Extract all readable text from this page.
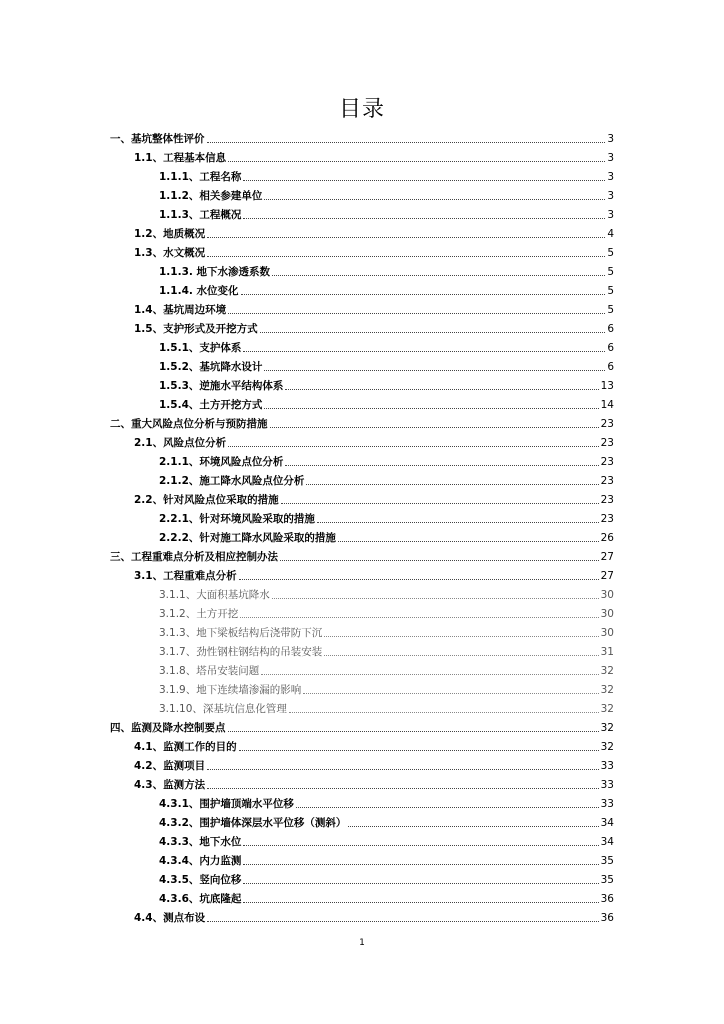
目录
一、基坑整体性评价	3
1.1、工程基本信息	3
1.1.1、工程名称	3
1.1.2、相关参建单位	3
1.1.3、工程概况	3
1.2、地质概况	4
1.3、水文概况	5
1.1.3. 地下水渗透系数	5
1.1.4. 水位变化	5
1.4、基坑周边环境	5
1.5、支护形式及开挖方式	6
1.5.1、支护体系	6
1.5.2、基坑降水设计	6
1.5.3、逆施水平结构体系	13
1.5.4、土方开挖方式	14
二、重大风险点位分析与预防措施	23
2.1、风险点位分析	23
2.1.1、环境风险点位分析	23
2.1.2、施工降水风险点位分析	23
2.2、针对风险点位采取的措施	23
2.2.1、针对环境风险采取的措施	23
2.2.2、针对施工降水风险采取的措施	26
三、工程重难点分析及相应控制办法	27
3.1、工程重难点分析	27
3.1.1、大面积基坑降水	30
3.1.2、土方开挖	30
3.1.3、地下梁板结构后浇带防下沉	30
3.1.7、劲性钢柱钢结构的吊装安装	31
3.1.8、塔吊安装问题	32
3.1.9、地下连续墙渗漏的影响	32
3.1.10、深基坑信息化管理	32
四、监测及降水控制要点	32
4.1、监测工作的目的	32
4.2、监测项目	33
4.3、监测方法	33
4.3.1、围护墙顶端水平位移	33
4.3.2、围护墙体深层水平位移（测斜）	34
4.3.3、地下水位	34
4.3.4、内力监测	35
4.3.5、竖向位移	35
4.3.6、坑底隆起	36
4.4、测点布设	36
1
